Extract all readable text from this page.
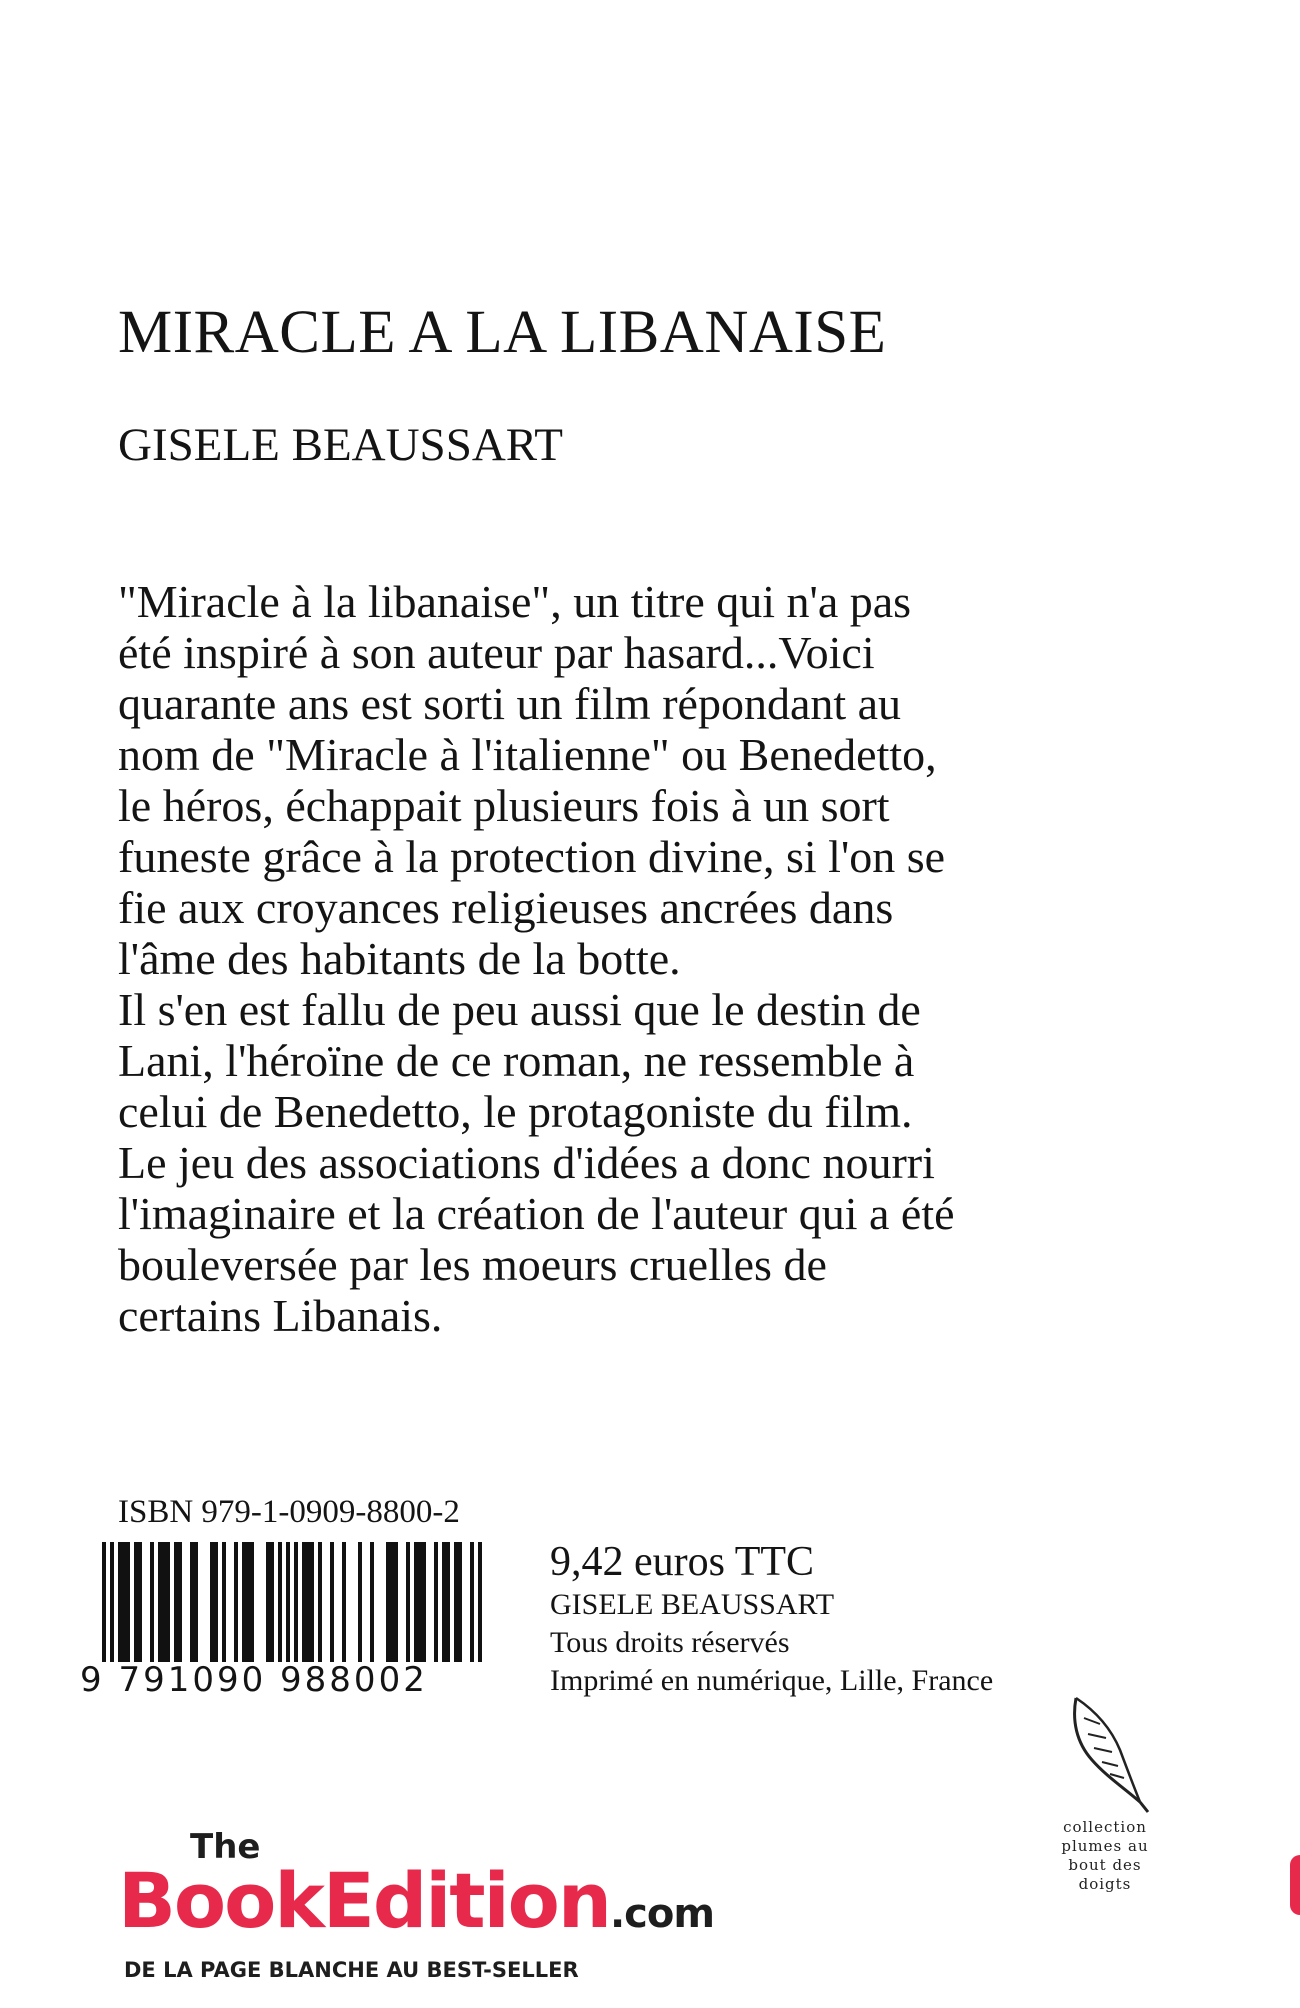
MIRACLE A LA LIBANAISE
GISELE BEAUSSART

"Miracle à la libanaise", un titre qui n'a pas été inspiré à son auteur par hasard...Voici quarante ans est sorti un film répondant au nom de "Miracle à l'italienne" ou Benedetto, le héros, échappait plusieurs fois à un sort funeste grâce à la protection divine, si l'on se fie aux croyances religieuses ancrées dans l'âme des habitants de la botte.

Il s'en est fallu de peu aussi que le destin de Lani, l'héroïne de ce roman, ne ressemble à celui de Benedetto, le protagoniste du film.

Le jeu des associations d'idées a donc nourri l'imaginaire et la création de l'auteur qui a été bouleversée par les moeurs cruelles de certains Libanais.

ISBN 979-1-0909-8800-2
9 791090 988002
9,42 euros TTC
GISELE BEAUSSART
Tous droits réservés
Imprimé en numérique, Lille, France
The
BookEdition.com
DE LA PAGE BLANCHE AU BEST-SELLER
collection plumes au bout des doigts
